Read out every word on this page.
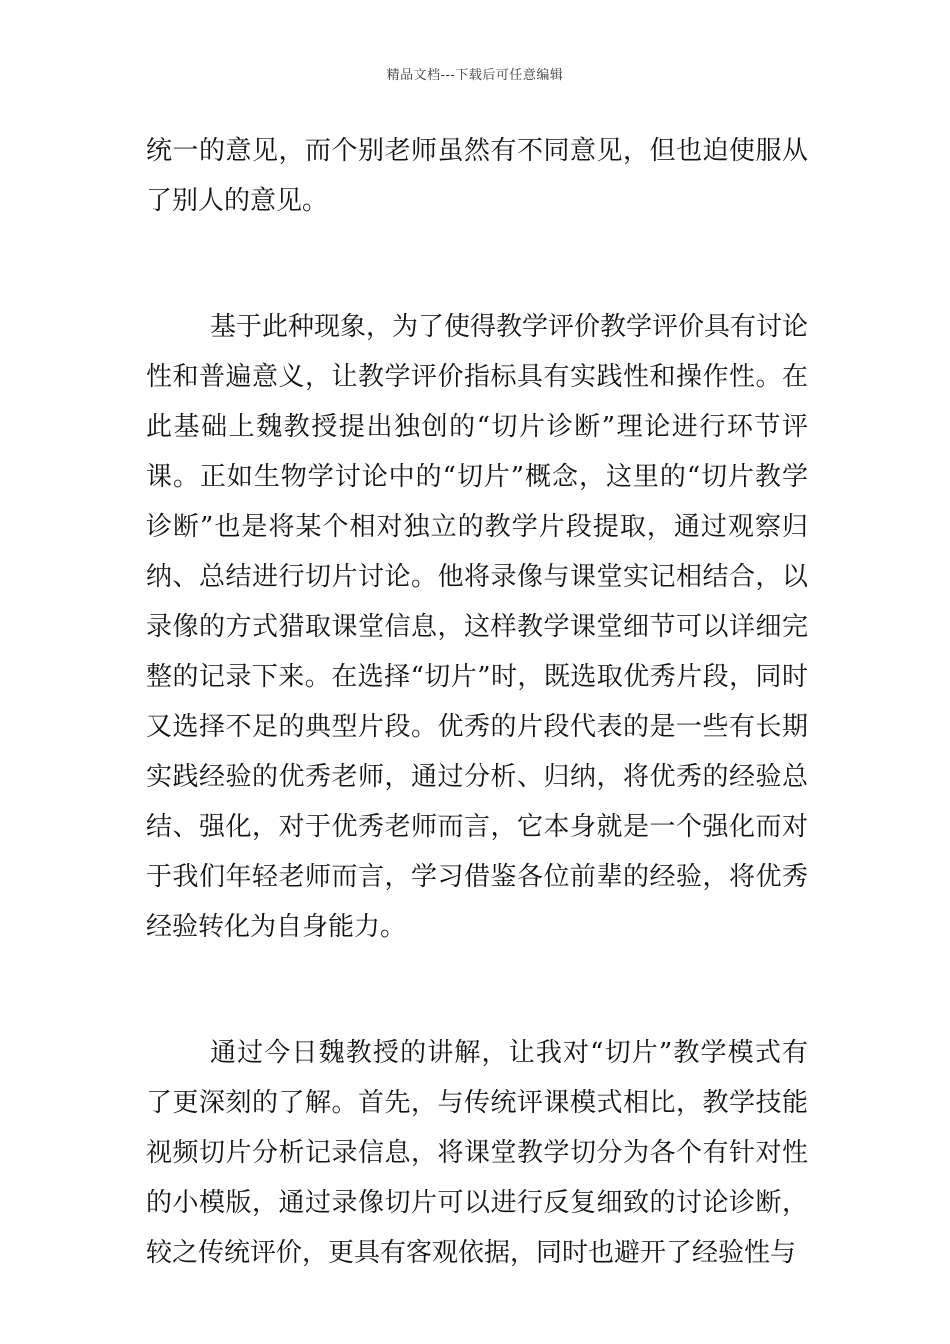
精品文档---下载后可任意编辑

统一的意见，而个别老师虽然有不同意见，但也迫使服从了别人的意见。

基于此种现象，为了使得教学评价教学评价具有讨论性和普遍意义，让教学评价指标具有实践性和操作性。在此基础上魏教授提出独创的“切片诊断”理论进行环节评课。正如生物学讨论中的“切片”概念，这里的“切片教学诊断”也是将某个相对独立的教学片段提取，通过观察归纳、总结进行切片讨论。他将录像与课堂实记相结合，以录像的方式猎取课堂信息，这样教学课堂细节可以详细完整的记录下来。在选择“切片”时，既选取优秀片段，同时又选择不足的典型片段。优秀的片段代表的是一些有长期实践经验的优秀老师，通过分析、归纳，将优秀的经验总结、强化，对于优秀老师而言，它本身就是一个强化而对于我们年轻老师而言，学习借鉴各位前辈的经验，将优秀经验转化为自身能力。

通过今日魏教授的讲解，让我对“切片”教学模式有了更深刻的了解。首先，与传统评课模式相比，教学技能视频切片分析记录信息，将课堂教学切分为各个有针对性的小模版，通过录像切片可以进行反复细致的讨论诊断，较之传统评价，更具有客观依据，同时也避开了经验性与
